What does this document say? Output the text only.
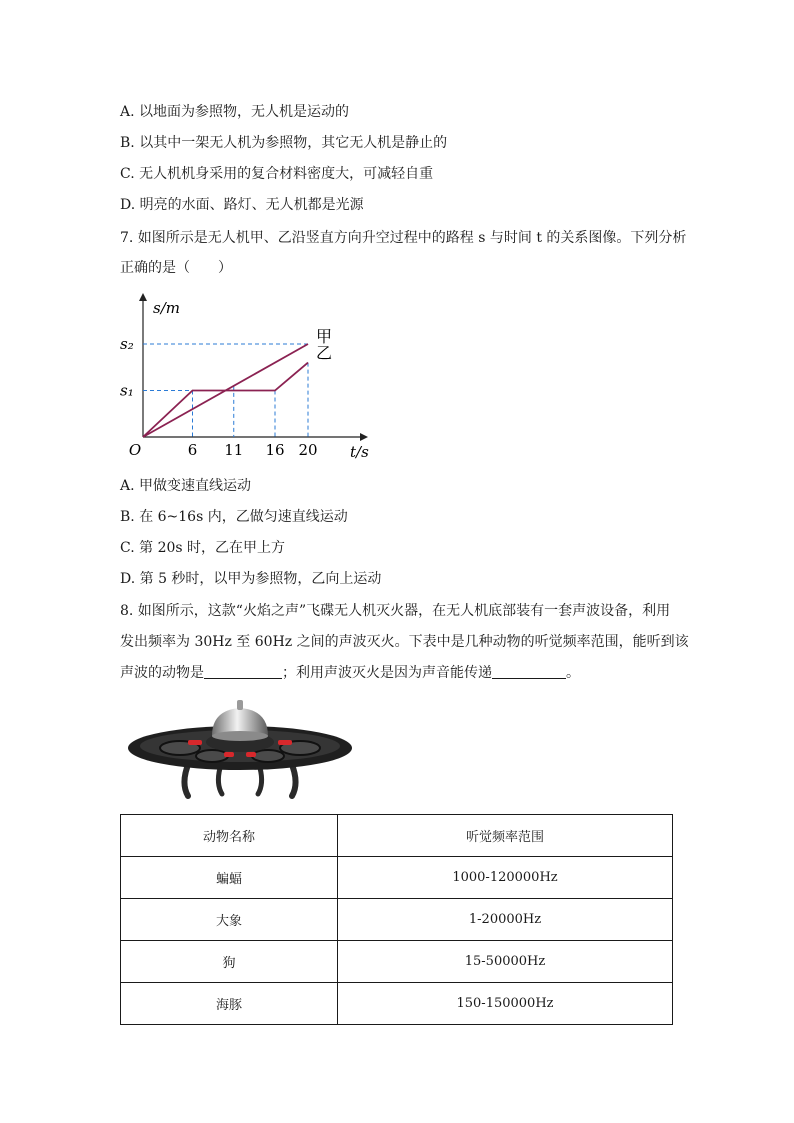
A. 以地面为参照物，无人机是运动的
B. 以其中一架无人机为参照物，其它无人机是静止的
C. 无人机机身采用的复合材料密度大，可减轻自重
D. 明亮的水面、路灯、无人机都是光源
7. 如图所示是无人机甲、乙沿竖直方向升空过程中的路程 s 与时间 t 的关系图像。下列分析
正确的是（　　）
s/m
t/s
O
s₁
s₂
6 11 16 20
甲
乙
A. 甲做变速直线运动
B. 在 6~16s 内，乙做匀速直线运动
C. 第 20s 时，乙在甲上方
D. 第 5 秒时，以甲为参照物，乙向上运动
8. 如图所示，这款“火焰之声”飞碟无人机灭火器，在无人机底部装有一套声波设备，利用
发出频率为 30Hz 至 60Hz 之间的声波灭火。下表中是几种动物的听觉频率范围，能听到该
声波的动物是	；利用声波灭火是因为声音能传递	。
动物名称	听觉频率范围
蝙蝠	1000-120000Hz
大象	1-20000Hz
狗	15-50000Hz
海豚	150-150000Hz
